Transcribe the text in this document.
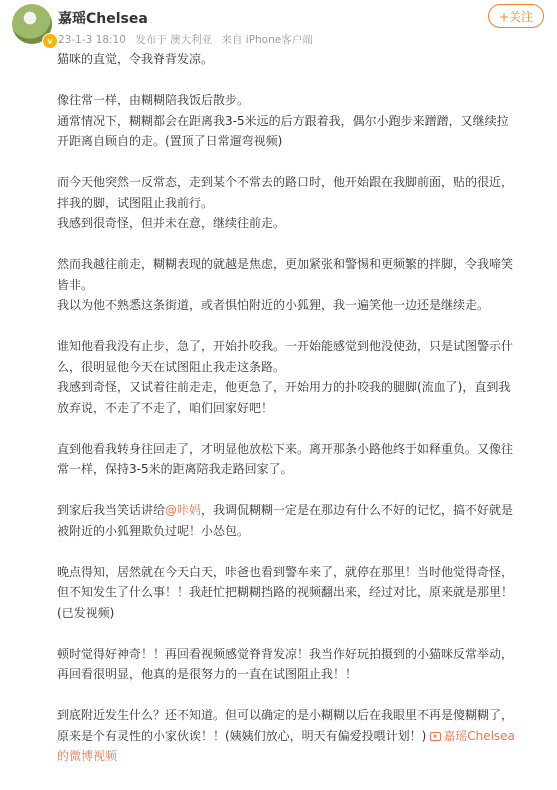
v
嘉瑶Chelsea
23-1-3 18:10 发布于 澳大利亚 来自 iPhone客户端
+关注

猫咪的直觉，令我脊背发凉。

像往常一样，由糊糊陪我饭后散步。
通常情况下，糊糊都会在距离我3-5米远的后方跟着我，偶尔小跑步来蹭蹭，又继续拉
开距离自顾自的走。(置顶了日常遛弯视频)

而今天他突然一反常态，走到某个不常去的路口时，他开始跟在我脚前面，贴的很近，
拌我的脚，试图阻止我前行。
我感到很奇怪，但并未在意，继续往前走。

然而我越往前走，糊糊表现的就越是焦虑，更加紧张和警惕和更频繁的拌脚，令我啼笑
皆非。
我以为他不熟悉这条街道，或者惧怕附近的小狐狸，我一遍笑他一边还是继续走。

谁知他看我没有止步，急了，开始扑咬我。一开始能感觉到他没使劲，只是试图警示什
么，很明显他今天在试图阻止我走这条路。
我感到奇怪，又试着往前走走，他更急了，开始用力的扑咬我的腿脚(流血了)，直到我
放弃说，不走了不走了，咱们回家好吧！

直到他看我转身往回走了，才明显他放松下来。离开那条小路他终于如释重负。又像往
常一样，保持3-5米的距离陪我走路回家了。

到家后我当笑话讲给@咔妈，我调侃糊糊一定是在那边有什么不好的记忆，搞不好就是
被附近的小狐狸欺负过呢！小怂包。

晚点得知，居然就在今天白天，咔爸也看到警车来了，就停在那里！当时他觉得奇怪，
但不知发生了什么事！！我赶忙把糊糊挡路的视频翻出来，经过对比，原来就是那里！
(已发视频)

顿时觉得好神奇！！再回看视频感觉脊背发凉！我当作好玩拍摄到的小猫咪反常举动，
再回看很明显，他真的是很努力的一直在试图阻止我！！

到底附近发生什么？还不知道。但可以确定的是小糊糊以后在我眼里不再是傻糊糊了，
原来是个有灵性的小家伙诶！！(姨姨们放心，明天有偏爱投喂计划！) 嘉瑶Chelsea
的微博视频
